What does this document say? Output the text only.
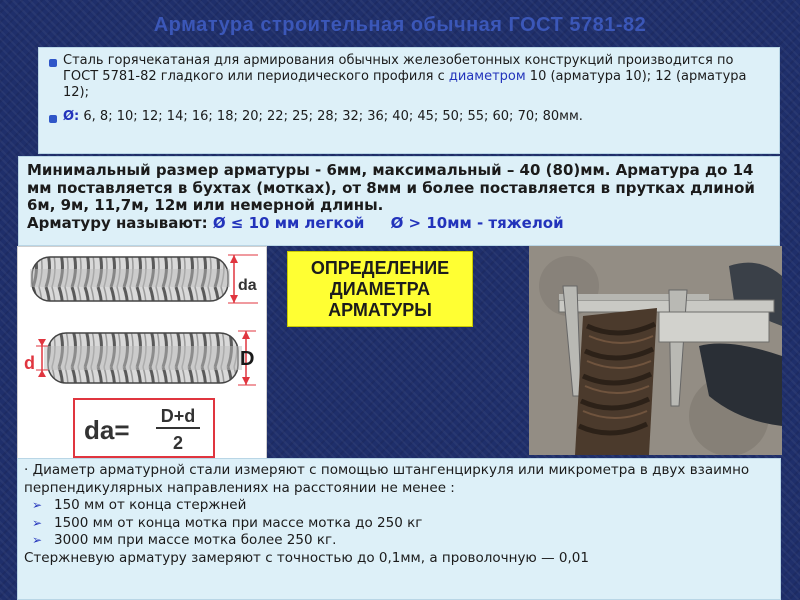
Арматура строительная обычная ГОСТ 5781-82
Сталь горячекатаная для армирования обычных железобетонных конструкций производится по ГОСТ 5781-82 гладкого или периодического профиля с диаметром 10 (арматура 10); 12 (арматура 12);
Ø: 6, 8; 10; 12; 14; 16; 18; 20; 22; 25; 28; 32; 36; 40; 45; 50; 55; 60; 70; 80мм.
Минимальный размер арматуры - 6мм, максимальный – 40 (80)мм. Арматура до 14 мм поставляется в бухтах (мотках), от 8мм и более поставляется в прутках длиной 6м, 9м, 11,7м, 12м или немерной длины.
Арматуру называют: Ø ≤ 10 мм легкой Ø > 10мм - тяжелой
da
d	D
da= D+d
2
ОПРЕДЕЛЕНИЕ
ДИАМЕТРА
АРМАТУРЫ
· Диаметр арматурной стали измеряют с помощью штангенциркуля или микрометра в двух взаимно перпендикулярных направлениях на расстоянии не менее :
➢ 150 мм от конца стержней
➢ 1500 мм от конца мотка при массе мотка до 250 кг
➢ 3000 мм при массе мотка более 250 кг.
Стержневую арматуру замеряют с точностью до 0,1мм, а проволочную — 0,01
